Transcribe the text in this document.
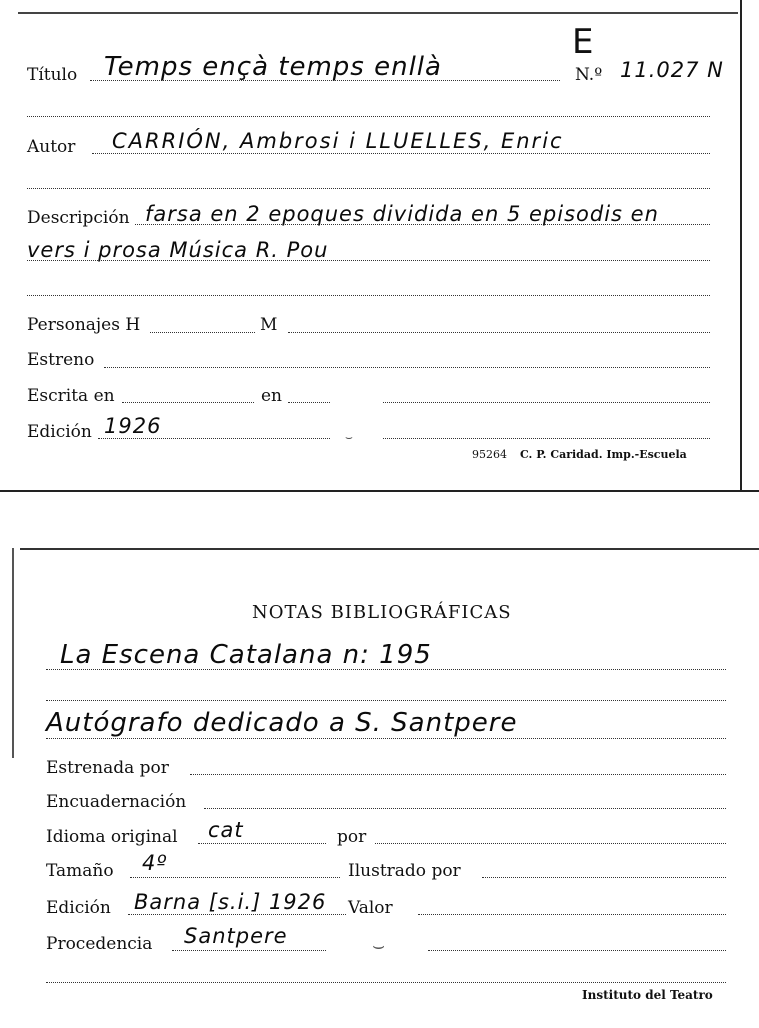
E
Título Temps ençà temps enllà	N.º 11.027 N
Autor CARRIÓN, Ambrosi i LLUELLES, Enric
Descripción farsa en 2 epoques dividida en 5 episodis en
vers i prosa Música R. Pou
Personajes H	M
Estreno
Escrita en	en
Edición 1926
95264 C. P. Caridad. Imp.-Escuela
⌣
NOTAS BIBLIOGRÁFICAS
La Escena Catalana n: 195
Autógrafo dedicado a S. Santpere
Estrenada por
Encuadernación
Idioma original cat	por
Tamaño 4º	Ilustrado por
Edición Barna [s.i.] 1926 Valor
Procedencia Santpere	⌣
Instituto del Teatro
